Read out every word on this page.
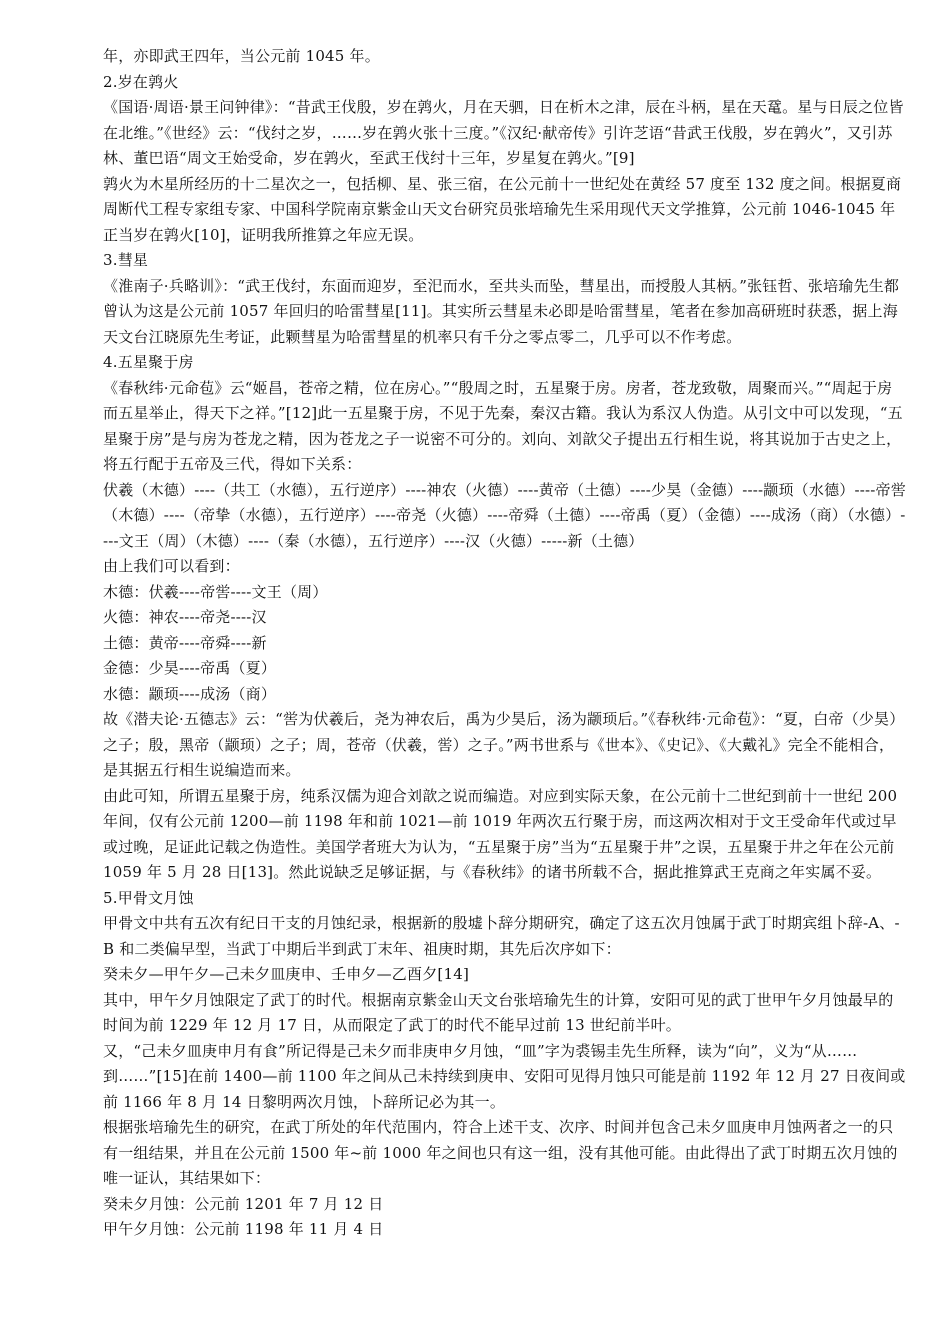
年，亦即武王四年，当公元前 1045 年。

2.岁在鹑火

《国语·周语·景王问钟律》：“昔武王伐殷，岁在鹑火，月在天驷，日在析木之津，辰在斗柄，星在天鼋。星与日辰之位皆在北维。”《世经》云：“伐纣之岁，……岁在鹑火张十三度。”《汉纪·献帝传》引许芝语“昔武王伐殷，岁在鹑火”，又引苏林、董巴语“周文王始受命，岁在鹑火，至武王伐纣十三年，岁星复在鹑火。”[9]

鹑火为木星所经历的十二星次之一，包括柳、星、张三宿，在公元前十一世纪处在黄经 57 度至 132 度之间。根据夏商周断代工程专家组专家、中国科学院南京紫金山天文台研究员张培瑜先生采用现代天文学推算，公元前 1046-1045 年正当岁在鹑火[10]，证明我所推算之年应无误。

3.彗星

《淮南子·兵略训》：“武王伐纣，东面而迎岁，至汜而水，至共头而坠，彗星出，而授殷人其柄。”张钰哲、张培瑜先生都曾认为这是公元前 1057 年回归的哈雷彗星[11]。其实所云彗星未必即是哈雷彗星，笔者在参加高研班时获悉，据上海天文台江晓原先生考证，此颗彗星为哈雷彗星的机率只有千分之零点零二，几乎可以不作考虑。

4.五星聚于房

《春秋纬·元命苞》云“姬昌，苍帝之精，位在房心。”“殷周之时，五星聚于房。房者，苍龙致敬，周聚而兴。”“周起于房而五星举止，得天下之祥。”[12]此一五星聚于房，不见于先秦，秦汉古籍。我认为系汉人伪造。从引文中可以发现，“五星聚于房”是与房为苍龙之精，因为苍龙之子一说密不可分的。刘向、刘歆父子提出五行相生说，将其说加于古史之上，将五行配于五帝及三代，得如下关系：

伏羲（木德）----（共工（水德），五行逆序）----神农（火德）----黄帝（土德）----少昊（金德）----颛顼（水德）----帝喾（木德）----（帝挚（水德），五行逆序）----帝尧（火德）----帝舜（土德）----帝禹（夏）（金德）----成汤（商）（水德）----文王（周）（木德）----（秦（水德），五行逆序）----汉（火德）-----新（土德）

由上我们可以看到：

木德：伏羲----帝喾----文王（周）

火德：神农----帝尧----汉

土德：黄帝----帝舜----新

金德：少昊----帝禹（夏）

水德：颛顼----成汤（商）

故《潜夫论·五德志》云：“喾为伏羲后，尧为神农后，禹为少昊后，汤为颛顼后。”《春秋纬·元命苞》：“夏，白帝（少昊）之子；殷，黑帝（颛顼）之子；周，苍帝（伏羲，喾）之子。”两书世系与《世本》、《史记》、《大戴礼》完全不能相合，是其据五行相生说编造而来。

由此可知，所谓五星聚于房，纯系汉儒为迎合刘歆之说而编造。对应到实际天象，在公元前十二世纪到前十一世纪 200 年间，仅有公元前 1200—前 1198 年和前 1021—前 1019 年两次五行聚于房，而这两次相对于文王受命年代或过早或过晚，足证此记载之伪造性。美国学者班大为认为，“五星聚于房”当为“五星聚于井”之误，五星聚于井之年在公元前 1059 年 5 月 28 日[13]。然此说缺乏足够证据，与《春秋纬》的诸书所载不合，据此推算武王克商之年实属不妥。

5.甲骨文月蚀

甲骨文中共有五次有纪日干支的月蚀纪录，根据新的殷墟卜辞分期研究，确定了这五次月蚀属于武丁时期宾组卜辞-A、-B 和二类偏早型，当武丁中期后半到武丁末年、祖庚时期，其先后次序如下：

癸未夕—甲午夕—己未夕皿庚申、壬申夕—乙酉夕[14]

其中，甲午夕月蚀限定了武丁的时代。根据南京紫金山天文台张培瑜先生的计算，安阳可见的武丁世甲午夕月蚀最早的时间为前 1229 年 12 月 17 日，从而限定了武丁的时代不能早过前 13 世纪前半叶。

又，“己未夕皿庚申月有食”所记得是己未夕而非庚申夕月蚀，“皿”字为裘锡圭先生所释，读为“向”，义为“从……到……”[15]在前 1400—前 1100 年之间从己未持续到庚申、安阳可见得月蚀只可能是前 1192 年 12 月 27 日夜间或前 1166 年 8 月 14 日黎明两次月蚀，卜辞所记必为其一。

根据张培瑜先生的研究，在武丁所处的年代范围内，符合上述干支、次序、时间并包含己未夕皿庚申月蚀两者之一的只有一组结果，并且在公元前 1500 年~前 1000 年之间也只有这一组，没有其他可能。由此得出了武丁时期五次月蚀的唯一证认，其结果如下：

癸未夕月蚀：公元前 1201 年 7 月 12 日

甲午夕月蚀：公元前 1198 年 11 月 4 日
